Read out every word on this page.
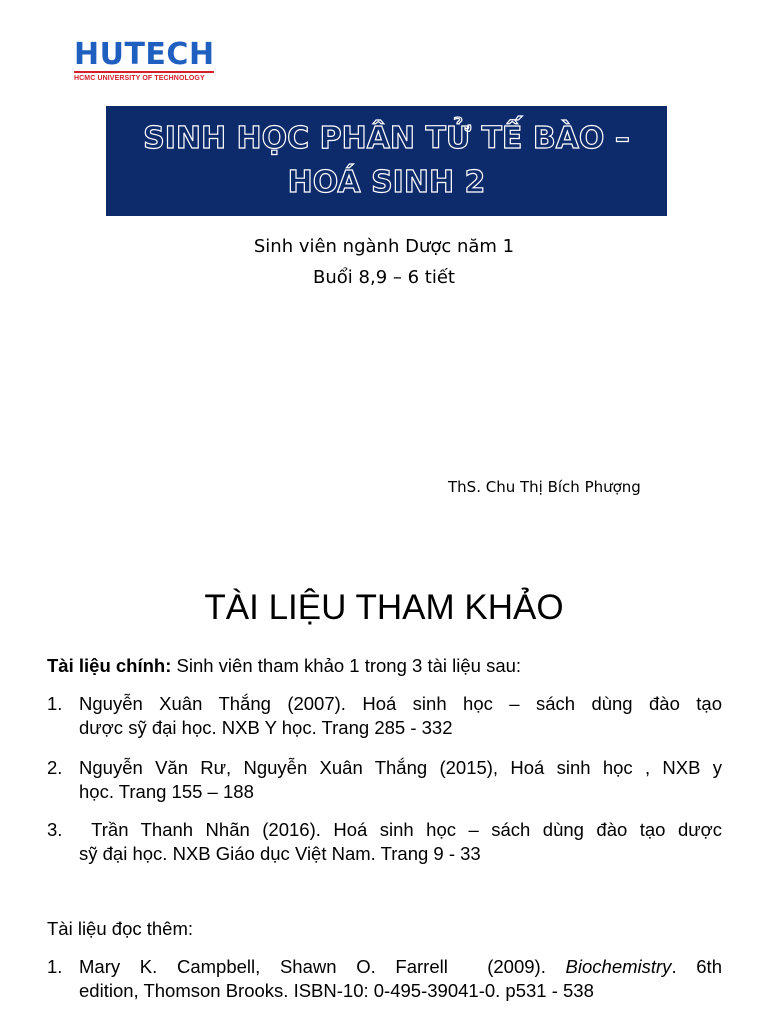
HUTECH
HCMC UNIVERSITY OF TECHNOLOGY
SINH HỌC PHÂN TỬ TẾ BÀO –
HOÁ SINH 2
Sinh viên ngành Dược năm 1
Buổi 8,9 – 6 tiết
ThS. Chu Thị Bích Phượng
TÀI LIỆU THAM KHẢO
Tài liệu chính: Sinh viên tham khảo 1 trong 3 tài liệu sau:
1. Nguyễn Xuân Thắng (2007). Hoá sinh học – sách dùng đào tạo
dược sỹ đại học. NXB Y học. Trang 285 - 332
2. Nguyễn Văn Rư, Nguyễn Xuân Thắng (2015), Hoá sinh học , NXB y
học. Trang 155 – 188
3. Trần Thanh Nhãn (2016). Hoá sinh học – sách dùng đào tạo dược
sỹ đại học. NXB Giáo dục Việt Nam. Trang 9 - 33
Tài liệu đọc thêm:
1. Mary K. Campbell, Shawn O. Farrell  (2009). Biochemistry. 6th
edition, Thomson Brooks. ISBN-10: 0-495-39041-0. p531 - 538
